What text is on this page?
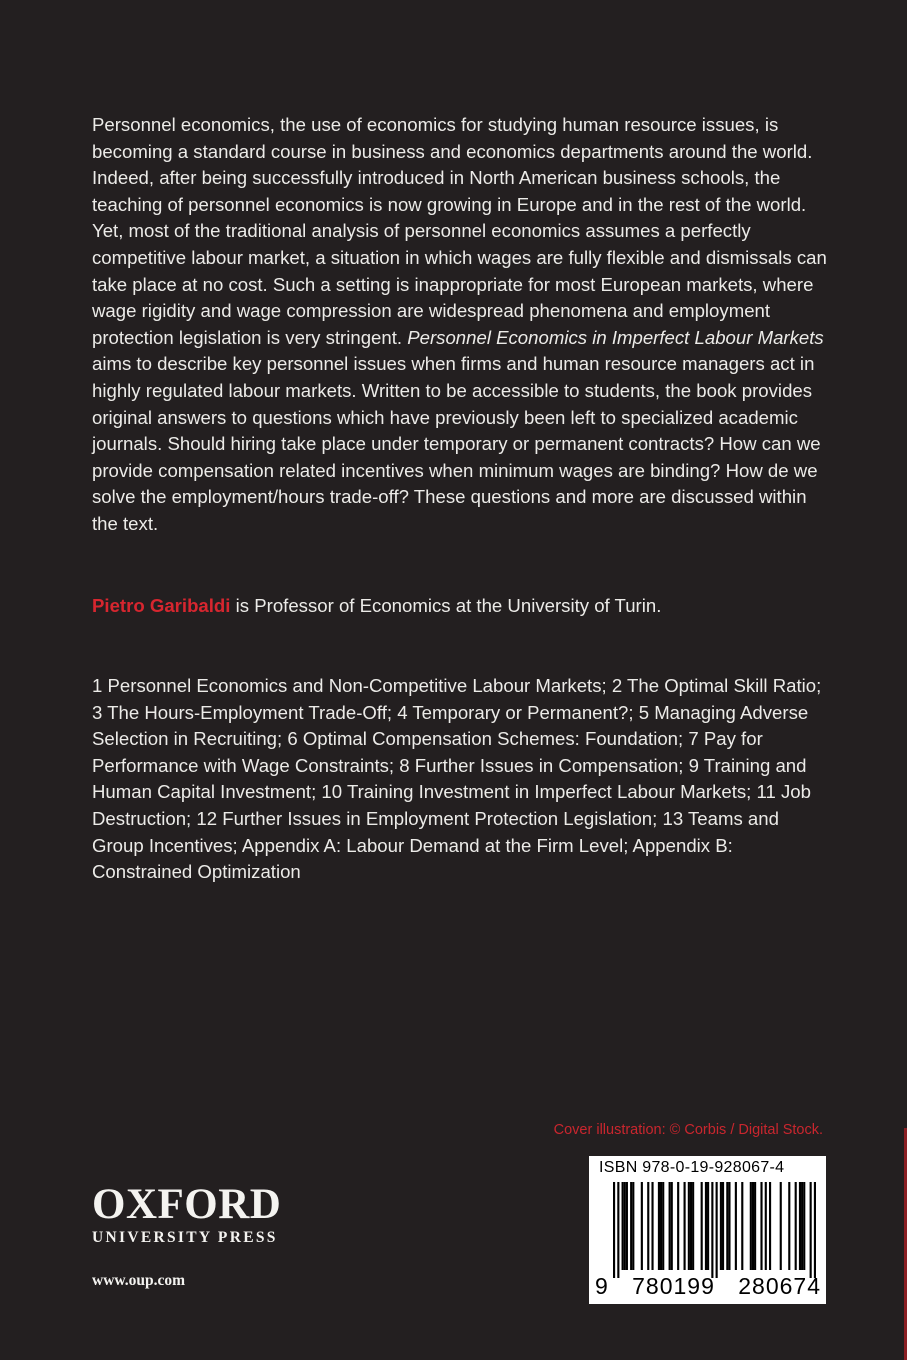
Personnel economics, the use of economics for studying human resource issues, is becoming a standard course in business and economics departments around the world. Indeed, after being successfully introduced in North American business schools, the teaching of personnel economics is now growing in Europe and in the rest of the world. Yet, most of the traditional analysis of personnel economics assumes a perfectly competitive labour market, a situation in which wages are fully flexible and dismissals can take place at no cost. Such a setting is inappropriate for most European markets, where wage rigidity and wage compression are widespread phenomena and employment protection legislation is very stringent. Personnel Economics in Imperfect Labour Markets aims to describe key personnel issues when firms and human resource managers act in highly regulated labour markets. Written to be accessible to students, the book provides original answers to questions which have previously been left to specialized academic journals. Should hiring take place under temporary or permanent contracts? How can we provide compensation related incentives when minimum wages are binding? How de we solve the employment/hours trade-off? These questions and more are discussed within the text.

Pietro Garibaldi is Professor of Economics at the University of Turin.
1 Personnel Economics and Non-Competitive Labour Markets; 2 The Optimal Skill Ratio; 3 The Hours-Employment Trade-Off; 4 Temporary or Permanent?; 5 Managing Adverse Selection in Recruiting; 6 Optimal Compensation Schemes: Foundation; 7 Pay for Performance with Wage Constraints; 8 Further Issues in Compensation; 9 Training and Human Capital Investment; 10 Training Investment in Imperfect Labour Markets; 11 Job Destruction; 12 Further Issues in Employment Protection Legislation; 13 Teams and Group Incentives; Appendix A: Labour Demand at the Firm Level; Appendix B: Constrained Optimization
Cover illustration: © Corbis / Digital Stock.
OXFORD
UNIVERSITY PRESS
www.oup.com
ISBN 978-0-19-928067-4
9 780199 280674
